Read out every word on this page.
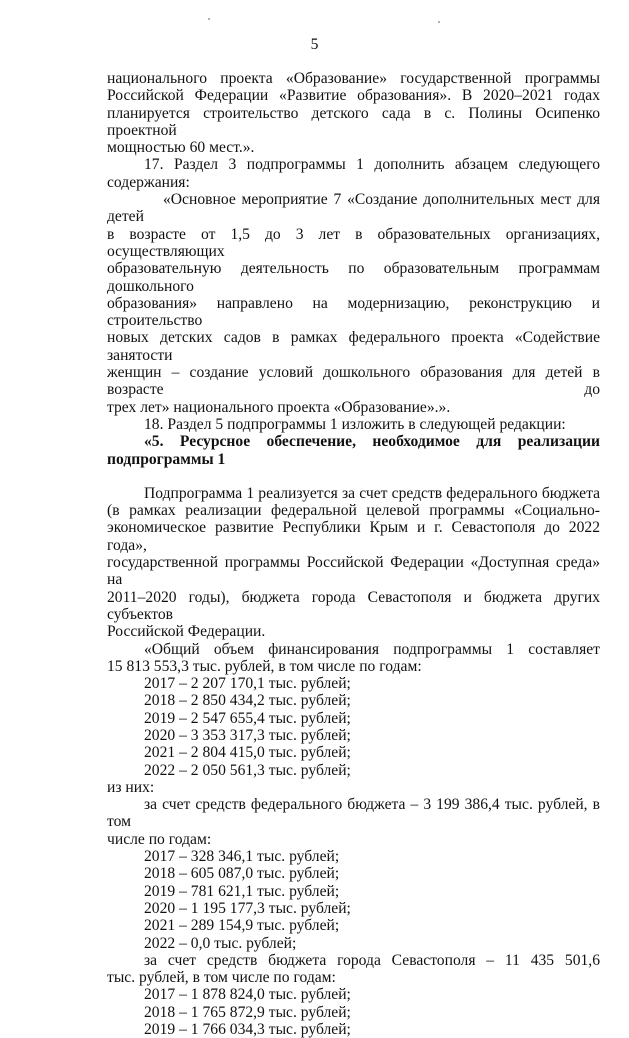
5

национального проекта «Образование» государственной программы

Российской Федерации «Развитие образования». В 2020–2021 годах

планируется строительство детского сада в с. Полины Осипенко проектной

мощностью 60 мест.».

17. Раздел 3 подпрограммы 1 дополнить абзацем следующего

содержания:

«Основное мероприятие 7 «Создание дополнительных мест для детей

в возрасте от 1,5 до 3 лет в образовательных организациях, осуществляющих

образовательную деятельность по образовательным программам дошкольного

образования» направлено на модернизацию, реконструкцию и строительство

новых детских садов в рамках федерального проекта «Содействие занятости

женщин – создание условий дошкольного образования для детей в возрасте до

трех лет» национального проекта «Образование».».

18. Раздел 5 подпрограммы 1 изложить в следующей редакции:

«5. Ресурсное обеспечение, необходимое для реализации

подпрограммы 1

Подпрограмма 1 реализуется за счет средств федерального бюджета

(в рамках реализации федеральной целевой программы «Социально-

экономическое развитие Республики Крым и г. Севастополя до 2022 года»,

государственной программы Российской Федерации «Доступная среда» на

2011–2020 годы), бюджета города Севастополя и бюджета других субъектов

Российской Федерации.

«Общий объем финансирования подпрограммы 1 составляет

15 813 553,3 тыс. рублей, в том числе по годам:

2017 – 2 207 170,1 тыс. рублей;

2018 – 2 850 434,2 тыс. рублей;

2019 – 2 547 655,4 тыс. рублей;

2020 – 3 353 317,3 тыс. рублей;

2021 – 2 804 415,0 тыс. рублей;

2022 – 2 050 561,3 тыс. рублей;

из них:

за счет средств федерального бюджета – 3 199 386,4 тыс. рублей, в том

числе по годам:

2017 – 328 346,1 тыс. рублей;

2018 – 605 087,0 тыс. рублей;

2019 – 781 621,1 тыс. рублей;

2020 – 1 195 177,3 тыс. рублей;

2021 – 289 154,9 тыс. рублей;

2022 – 0,0 тыс. рублей;

за счет средств бюджета города Севастополя – 11 435 501,6

тыс. рублей, в том числе по годам:

2017 – 1 878 824,0 тыс. рублей;

2018 – 1 765 872,9 тыс. рублей;

2019 – 1 766 034,3 тыс. рублей;
